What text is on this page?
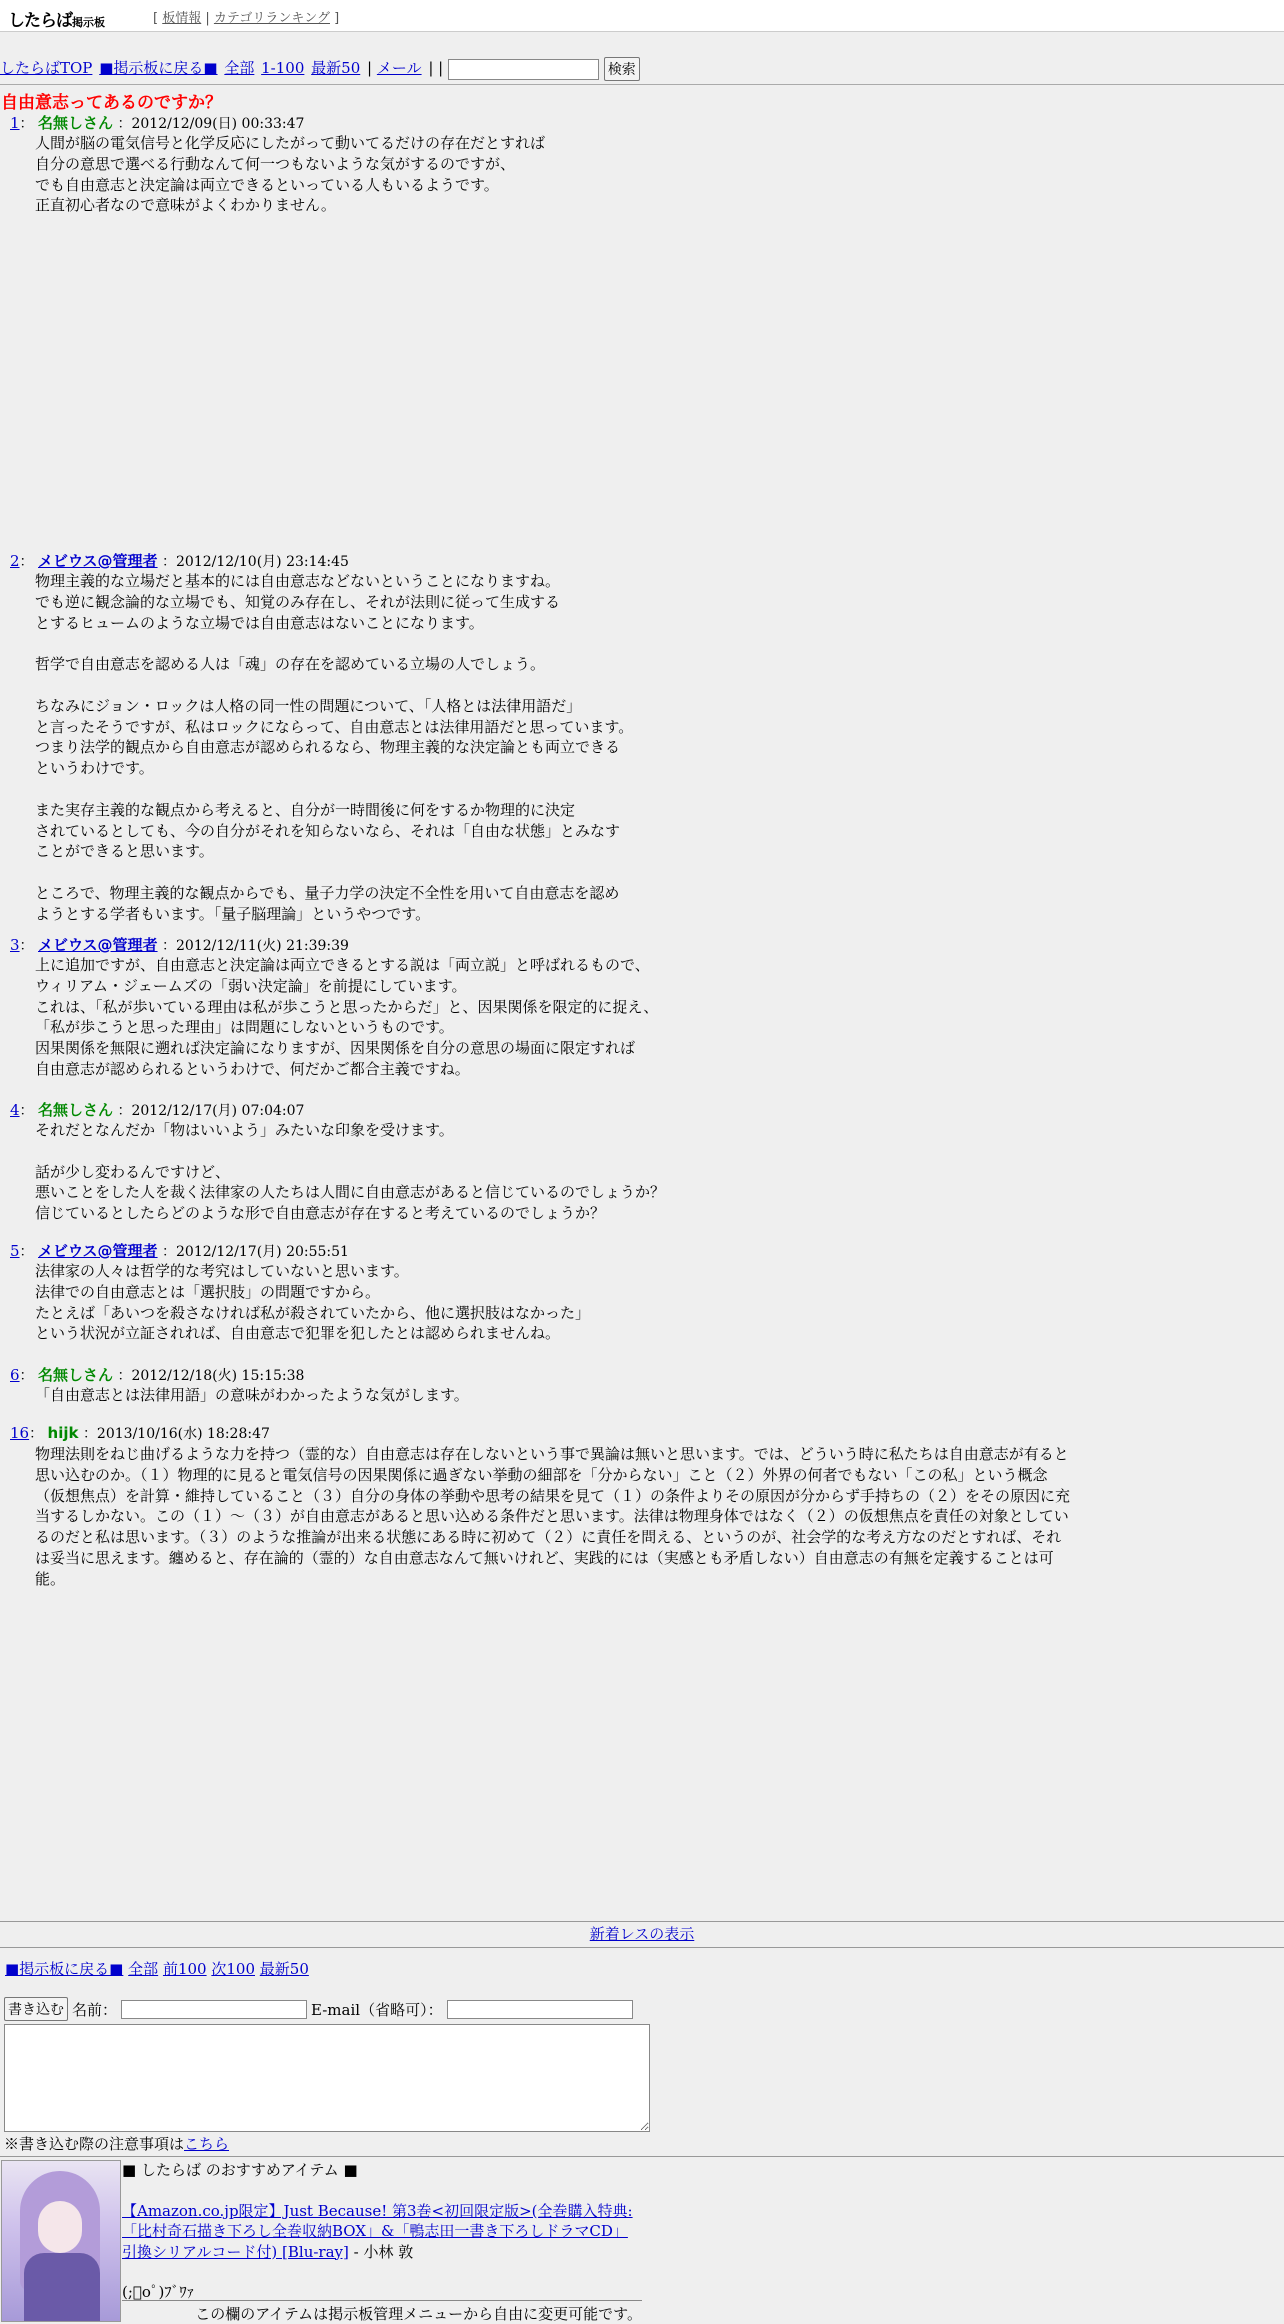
したらば掲示板	[ 板情報 | カテゴリランキング ]
したらばTOP ■掲示板に戻る■ 全部 1-100 最新50 | メール | |	検索
自由意志ってあるのですか？
1： 名無しさん ：2012/12/09(日) 00:33:47
人間が脳の電気信号と化学反応にしたがって動いてるだけの存在だとすれば
自分の意思で選べる行動なんて何一つもないような気がするのですが、
でも自由意志と決定論は両立できるといっている人もいるようです。
正直初心者なので意味がよくわかりません。
2： メビウス@管理者 ：2012/12/10(月) 23:14:45
物理主義的な立場だと基本的には自由意志などないということになりますね。
でも逆に観念論的な立場でも、知覚のみ存在し、それが法則に従って生成する
とするヒュームのような立場では自由意志はないことになります。

哲学で自由意志を認める人は「魂」の存在を認めている立場の人でしょう。

ちなみにジョン・ロックは人格の同一性の問題について、「人格とは法律用語だ」
と言ったそうですが、私はロックにならって、自由意志とは法律用語だと思っています。
つまり法学的観点から自由意志が認められるなら、物理主義的な決定論とも両立できる
というわけです。

また実存主義的な観点から考えると、自分が一時間後に何をするか物理的に決定
されているとしても、今の自分がそれを知らないなら、それは「自由な状態」とみなす
ことができると思います。

ところで、物理主義的な観点からでも、量子力学の決定不全性を用いて自由意志を認め
ようとする学者もいます。「量子脳理論」というやつです。
3： メビウス@管理者 ：2012/12/11(火) 21:39:39
上に追加ですが、自由意志と決定論は両立できるとする説は「両立説」と呼ばれるもので、
ウィリアム・ジェームズの「弱い決定論」を前提にしています。
これは、「私が歩いている理由は私が歩こうと思ったからだ」と、因果関係を限定的に捉え、
「私が歩こうと思った理由」は問題にしないというものです。
因果関係を無限に遡れば決定論になりますが、因果関係を自分の意思の場面に限定すれば
自由意志が認められるというわけで、何だかご都合主義ですね。
4： 名無しさん ：2012/12/17(月) 07:04:07
それだとなんだか「物はいいよう」みたいな印象を受けます。

話が少し変わるんですけど、
悪いことをした人を裁く法律家の人たちは人間に自由意志があると信じているのでしょうか？
信じているとしたらどのような形で自由意志が存在すると考えているのでしょうか？
5： メビウス@管理者 ：2012/12/17(月) 20:55:51
法律家の人々は哲学的な考究はしていないと思います。
法律での自由意志とは「選択肢」の問題ですから。
たとえば「あいつを殺さなければ私が殺されていたから、他に選択肢はなかった」
という状況が立証されれば、自由意志で犯罪を犯したとは認められませんね。
6： 名無しさん ：2012/12/18(火) 15:15:38
「自由意志とは法律用語」の意味がわかったような気がします。
16： hijk ：2013/10/16(水) 18:28:47
物理法則をねじ曲げるような力を持つ（霊的な）自由意志は存在しないという事で異論は無いと思います。では、どういう時に私たちは自由意志が有ると思い込むのか。（１）物理的に見ると電気信号の因果関係に過ぎない挙動の細部を「分からない」こと（２）外界の何者でもない「この私」という概念（仮想焦点）を計算・維持していること（３）自分の身体の挙動や思考の結果を見て（１）の条件よりその原因が分からず手持ちの（２）をその原因に充当するしかない。この（１）～（３）が自由意志があると思い込める条件だと思います。法律は物理身体ではなく（２）の仮想焦点を責任の対象としているのだと私は思います。（３）のような推論が出来る状態にある時に初めて（２）に責任を問える、というのが、社会学的な考え方なのだとすれば、それは妥当に思えます。纏めると、存在論的（霊的）な自由意志なんて無いけれど、実践的には（実感とも矛盾しない）自由意志の有無を定義することは可能。
新着レスの表示
■掲示板に戻る■ 全部 前100 次100 最新50
書き込む 名前：	E-mail（省略可）：
※書き込む際の注意事項はこちら
■ したらば のおすすめアイテム ■
【Amazon.co.jp限定】Just Because! 第3巻<初回限定版>(全巻購入特典:「比村奇石描き下ろし全巻収納BOX」&「鴨志田一書き下ろしドラマCD」引換シリアルコード付) [Blu-ray] - 小林 敦
(;ﾟoﾟ)ﾌﾞﾜｧ
この欄のアイテムは掲示板管理メニューから自由に変更可能です。
